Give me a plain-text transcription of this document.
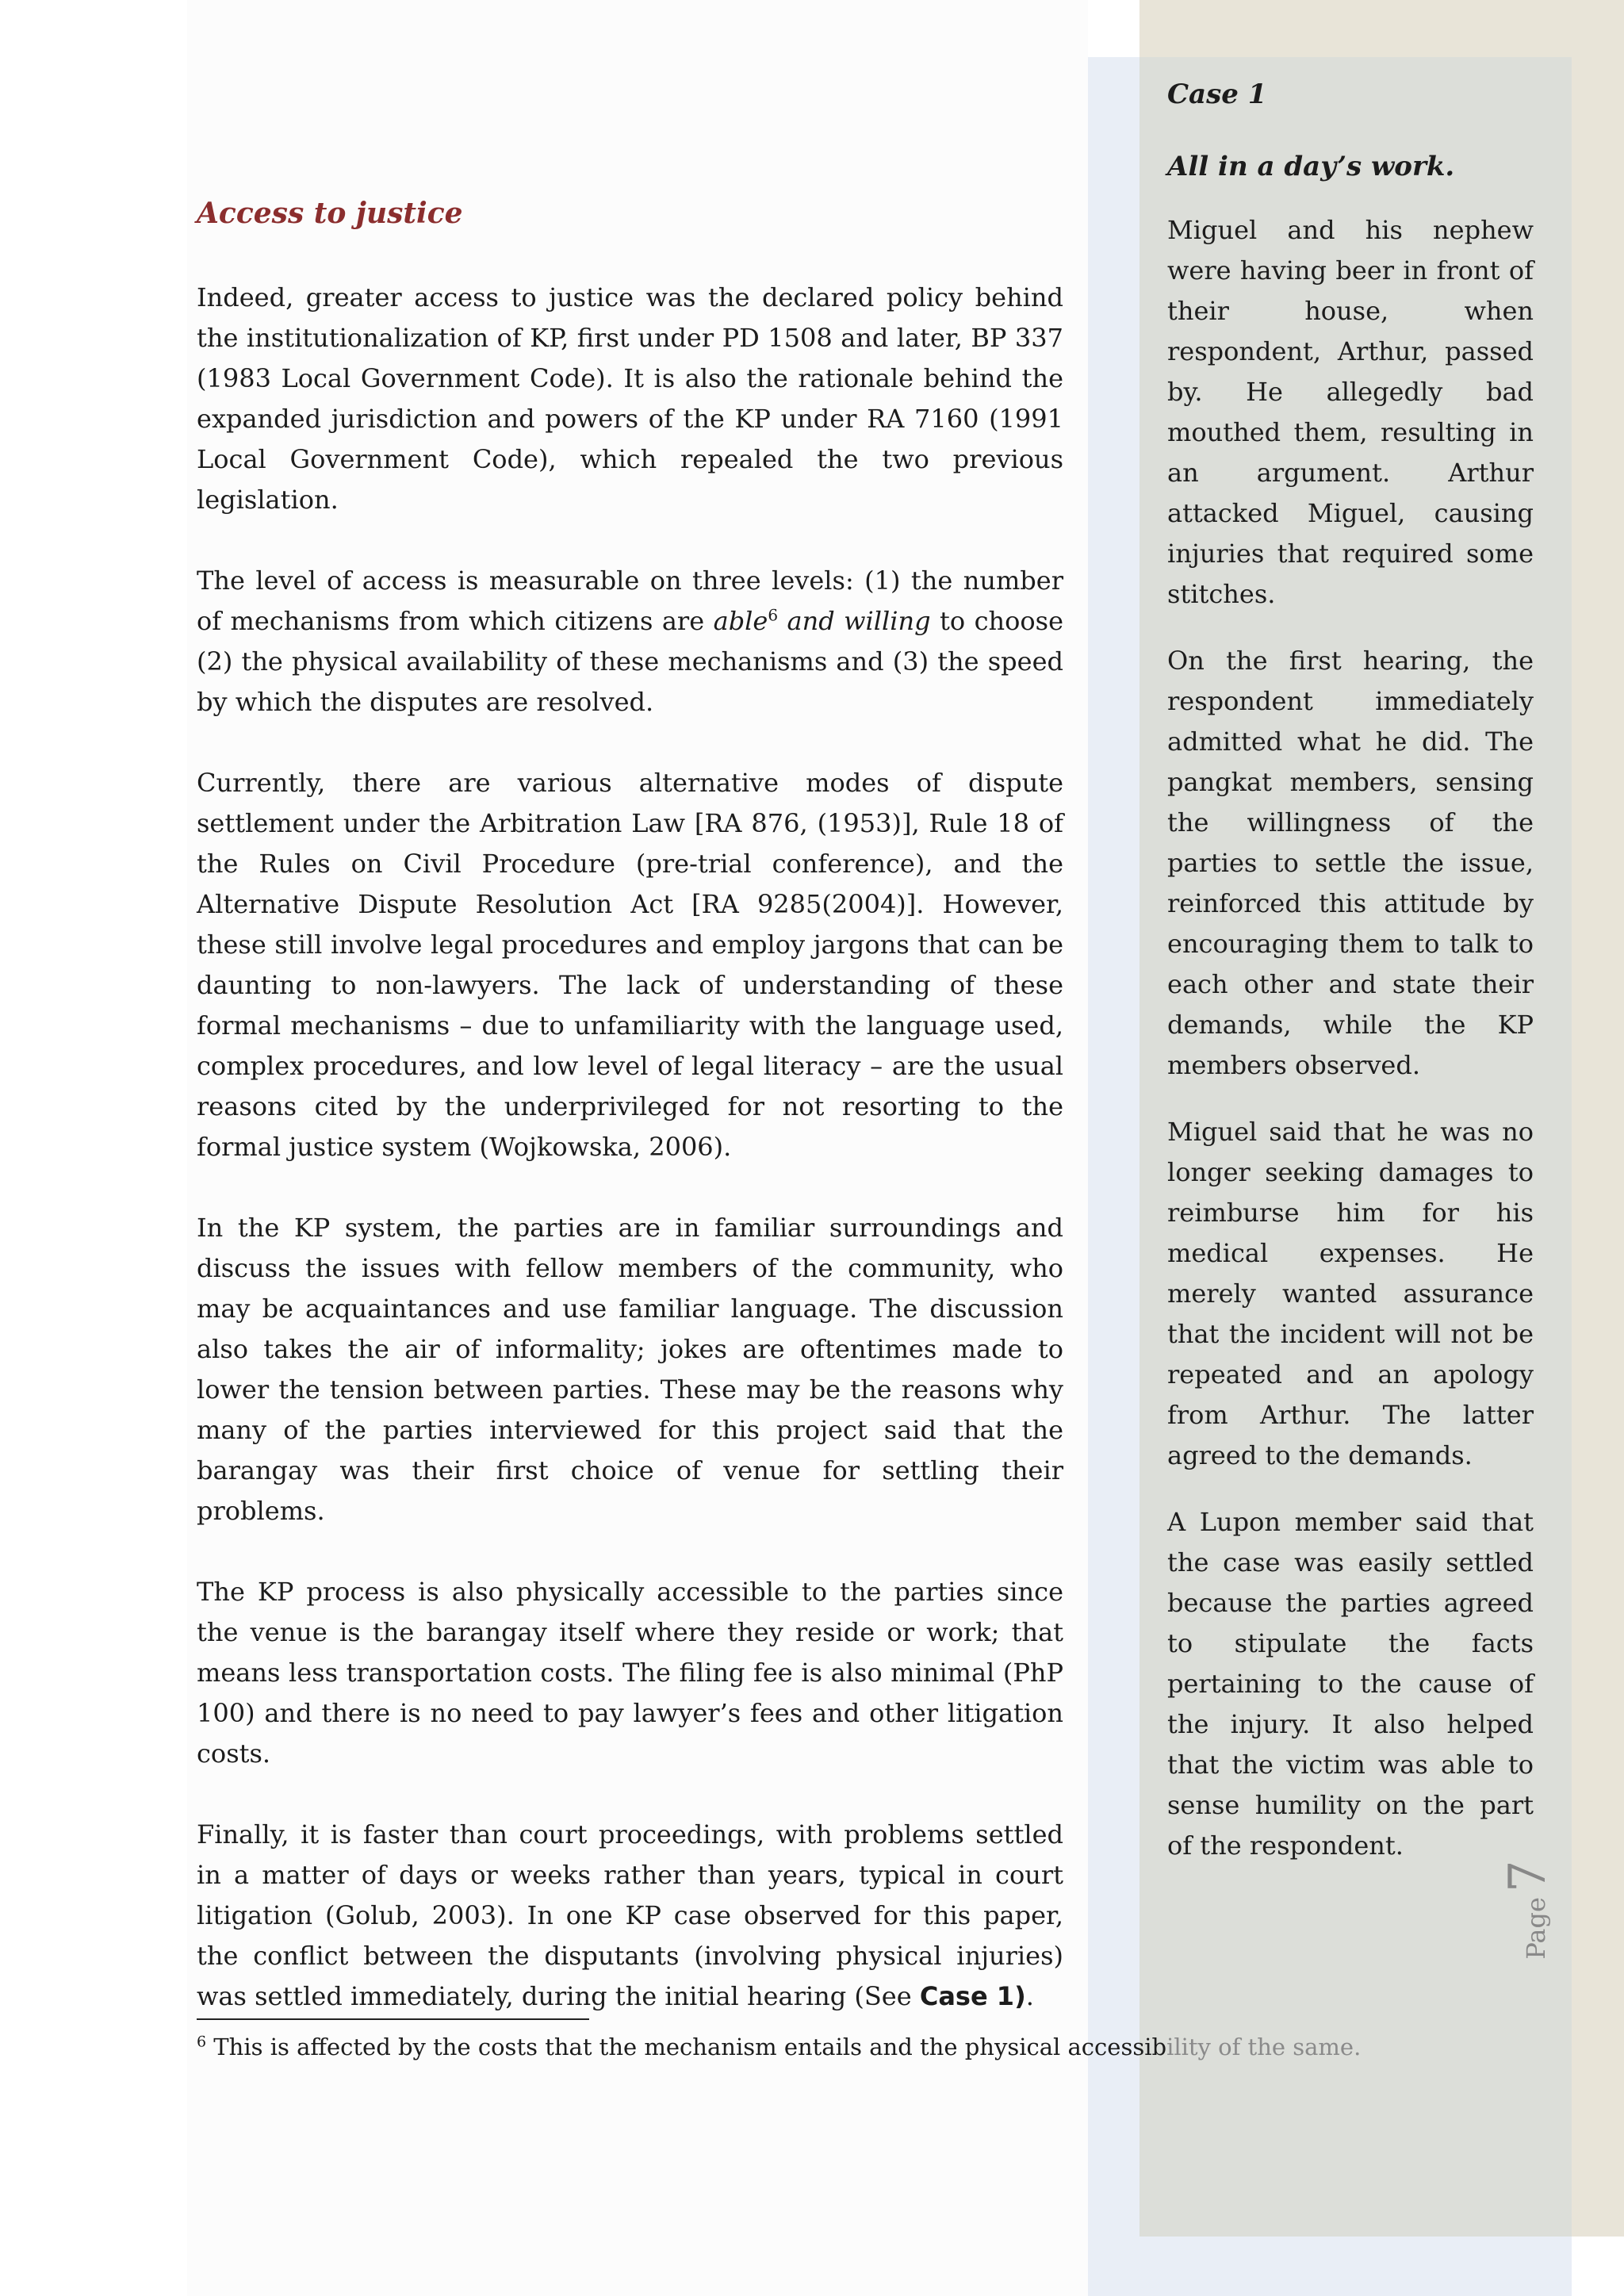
Access to justice

Indeed, greater access to justice was the declared policy behind the institutionalization of KP, first under PD 1508 and later, BP 337 (1983 Local Government Code). It is also the rationale behind the expanded jurisdiction and powers of the KP under RA 7160 (1991 Local Government Code), which repealed the two previous legislation.

The level of access is measurable on three levels: (1) the number of mechanisms from which citizens are able$^6$ and willing to choose (2) the physical availability of these mechanisms and (3) the speed by which the disputes are resolved.

Currently, there are various alternative modes of dispute settlement under the Arbitration Law [RA 876, (1953)], Rule 18 of the Rules on Civil Procedure (pre-trial conference), and the Alternative Dispute Resolution Act [RA 9285(2004)]. However, these still involve legal procedures and employ jargons that can be daunting to non-lawyers. The lack of understanding of these formal mechanisms – due to unfamiliarity with the language used, complex procedures, and low level of legal literacy – are the usual reasons cited by the underprivileged for not resorting to the formal justice system (Wojkowska, 2006).

In the KP system, the parties are in familiar surroundings and discuss the issues with fellow members of the community, who may be acquaintances and use familiar language. The discussion also takes the air of informality; jokes are oftentimes made to lower the tension between parties. These may be the reasons why many of the parties interviewed for this project said that the barangay was their first choice of venue for settling their problems.

The KP process is also physically accessible to the parties since the venue is the barangay itself where they reside or work; that means less transportation costs. The filing fee is also minimal (PhP 100) and there is no need to pay lawyer’s fees and other litigation costs.

Finally, it is faster than court proceedings, with problems settled in a matter of days or weeks rather than years, typical in court litigation (Golub, 2003). In one KP case observed for this paper, the conflict between the disputants (involving physical injuries) was settled immediately, during the initial hearing (See Case 1).

$^6$ This is affected by the costs that the mechanism entails and the physical accessibility of the same.

Case 1

All in a day’s work.

Miguel and his nephew were having beer in front of their house, when respondent, Arthur, passed by. He allegedly bad mouthed them, resulting in an argument. Arthur attacked Miguel, causing injuries that required some stitches.

On the first hearing, the respondent immediately admitted what he did. The pangkat members, sensing the willingness of the parties to settle the issue, reinforced this attitude by encouraging them to talk to each other and state their demands, while the KP members observed.

Miguel said that he was no longer seeking damages to reimburse him for his medical expenses. He merely wanted assurance that the incident will not be repeated and an apology from Arthur. The latter agreed to the demands.

A Lupon member said that the case was easily settled because the parties agreed to stipulate the facts pertaining to the cause of the injury. It also helped that the victim was able to sense humility on the part of the respondent.

Page
7
